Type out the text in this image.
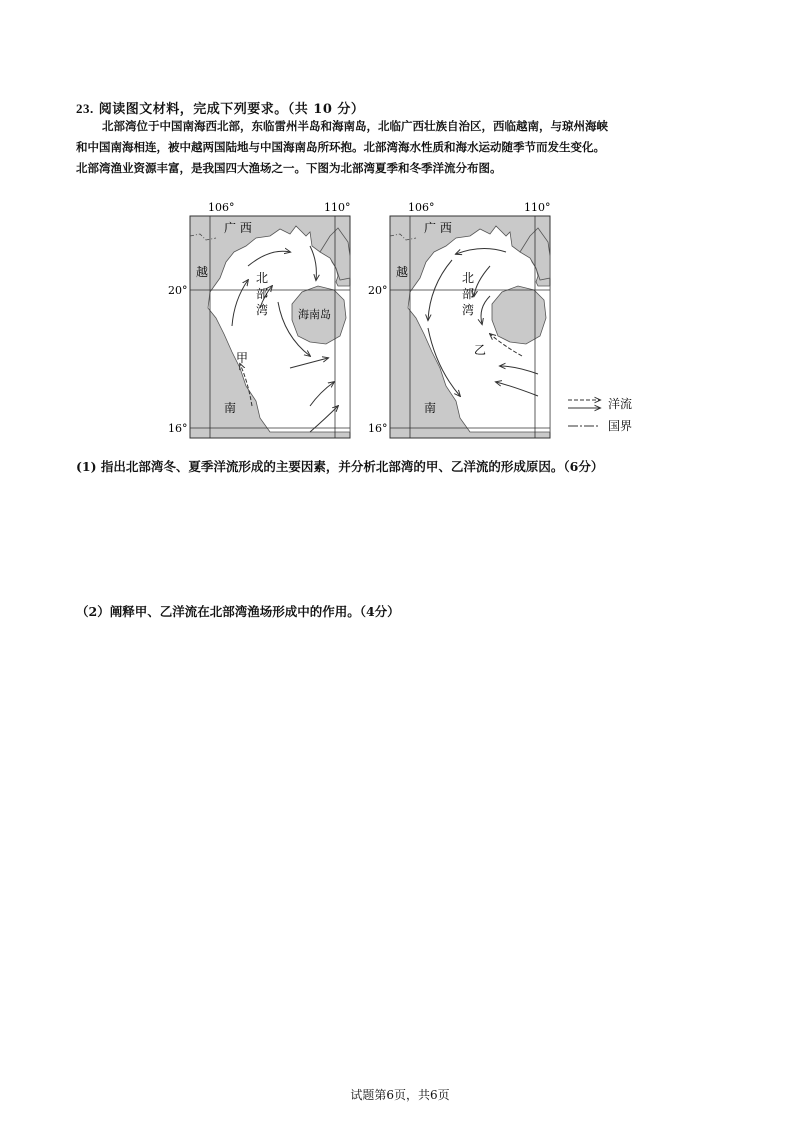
23. 阅读图文材料，完成下列要求。（共 10 分）
北部湾位于中国南海西北部，东临雷州半岛和海南岛，北临广西壮族自治区，西临越南，与琼州海峡
和中国南海相连，被中越两国陆地与中国海南岛所环抱。北部湾海水性质和海水运动随季节而发生变化。
北部湾渔业资源丰富，是我国四大渔场之一。下图为北部湾夏季和冬季洋流分布图。
106°	110°
20°
16°
广 西
越	北
部
湾	海南岛
甲
南
106°	110°
20°
16°
广 西
越	北
部
湾
乙
南	洋流
国界
(1) 指出北部湾冬、夏季洋流形成的主要因素，并分析北部湾的甲、乙洋流的形成原因。（6分）
（2）阐释甲、乙洋流在北部湾渔场形成中的作用。（4分）
试题第6页，共6页
